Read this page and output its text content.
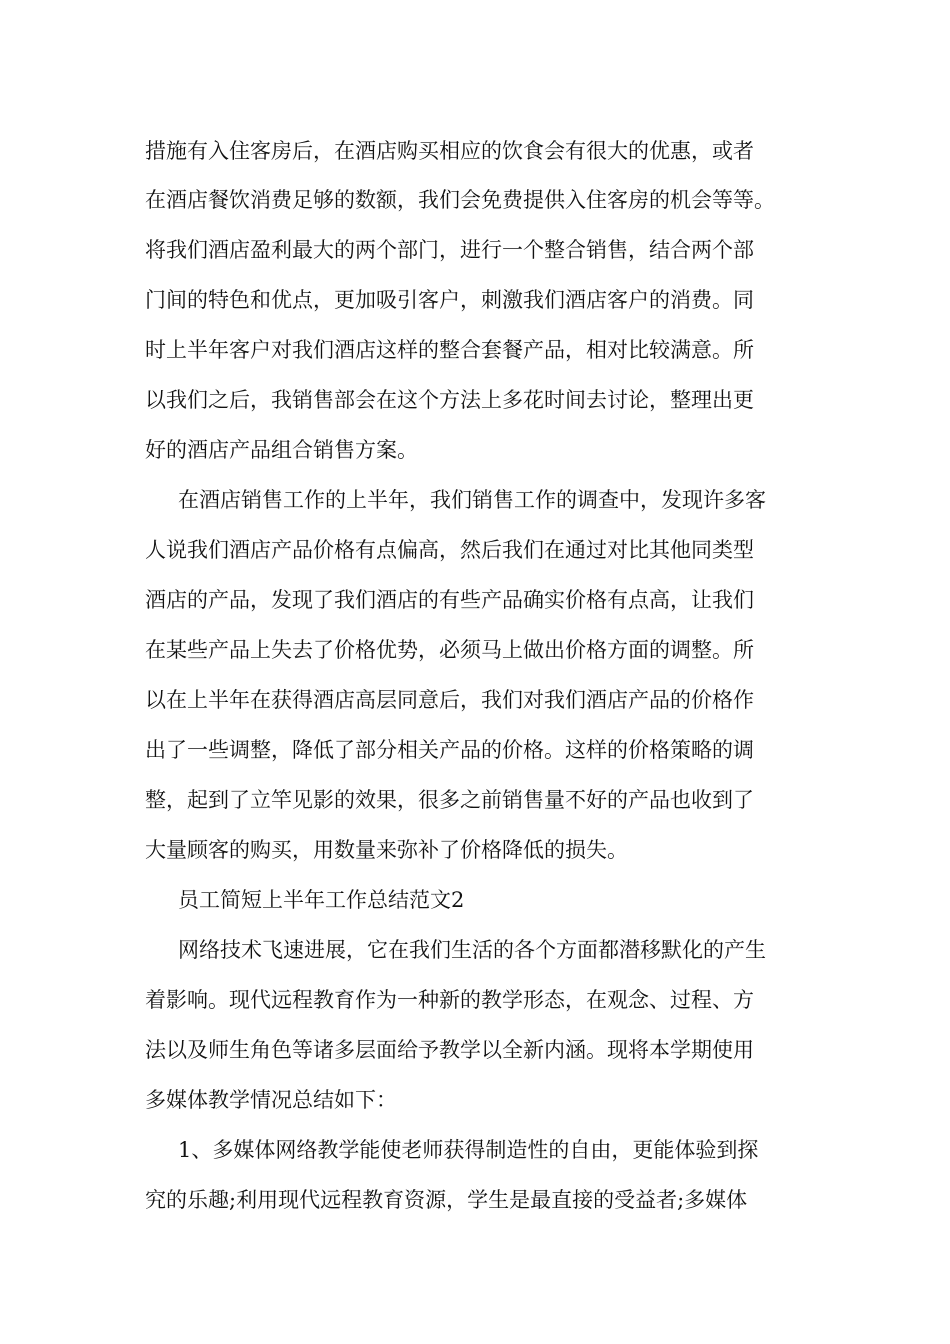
措施有入住客房后，在酒店购买相应的饮食会有很大的优惠，或者
在酒店餐饮消费足够的数额，我们会免费提供入住客房的机会等等。
将我们酒店盈利最大的两个部门，进行一个整合销售，结合两个部
门间的特色和优点，更加吸引客户，刺激我们酒店客户的消费。同
时上半年客户对我们酒店这样的整合套餐产品，相对比较满意。所
以我们之后，我销售部会在这个方法上多花时间去讨论，整理出更
好的酒店产品组合销售方案。
在酒店销售工作的上半年，我们销售工作的调查中，发现许多客
人说我们酒店产品价格有点偏高，然后我们在通过对比其他同类型
酒店的产品，发现了我们酒店的有些产品确实价格有点高，让我们
在某些产品上失去了价格优势，必须马上做出价格方面的调整。所
以在上半年在获得酒店高层同意后，我们对我们酒店产品的价格作
出了一些调整，降低了部分相关产品的价格。这样的价格策略的调
整，起到了立竿见影的效果，很多之前销售量不好的产品也收到了
大量顾客的购买，用数量来弥补了价格降低的损失。
员工简短上半年工作总结范文2
网络技术飞速进展，它在我们生活的各个方面都潜移默化的产生
着影响。现代远程教育作为一种新的教学形态，在观念、过程、方
法以及师生角色等诸多层面给予教学以全新内涵。现将本学期使用
多媒体教学情况总结如下：
1、多媒体网络教学能使老师获得制造性的自由，更能体验到探
究的乐趣;利用现代远程教育资源，学生是最直接的受益者;多媒体
